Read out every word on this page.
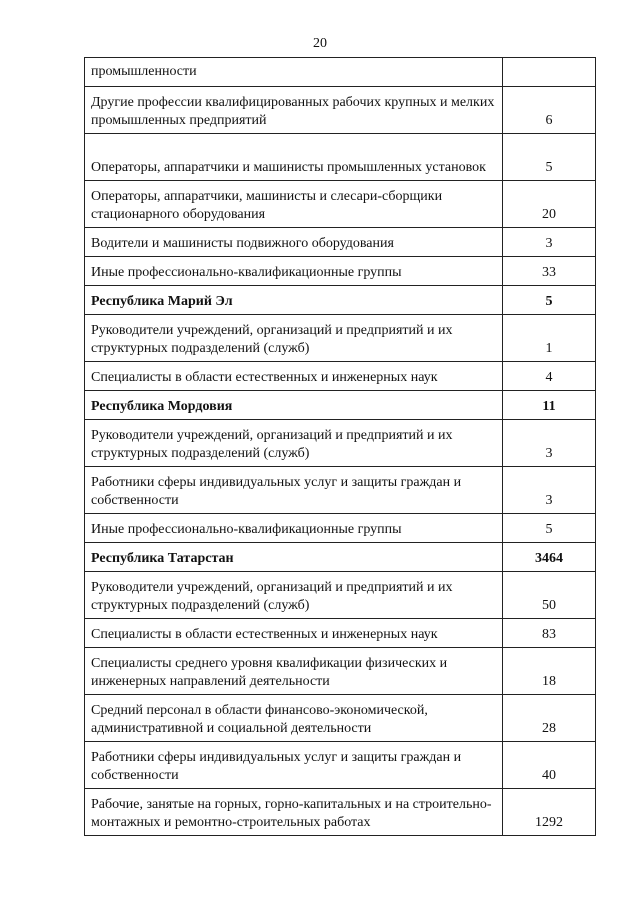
20
промышленности	
Другие профессии квалифицированных рабочих крупных и мелких промышленных предприятий	6
Операторы, аппаратчики и машинисты промышленных установок	5
Операторы, аппаратчики, машинисты и слесари-сборщики стационарного оборудования	20
Водители и машинисты подвижного оборудования	3
Иные профессионально-квалификационные группы	33
Республика Марий Эл	5
Руководители учреждений, организаций и предприятий и их структурных подразделений (служб)	1
Специалисты в области естественных и инженерных наук	4
Республика Мордовия	11
Руководители учреждений, организаций и предприятий и их структурных подразделений (служб)	3
Работники сферы индивидуальных услуг и защиты граждан и собственности	3
Иные профессионально-квалификационные группы	5
Республика Татарстан	3464
Руководители учреждений, организаций и предприятий и их структурных подразделений (служб)	50
Специалисты в области естественных и инженерных наук	83
Специалисты среднего уровня квалификации физических и инженерных направлений деятельности	18
Средний персонал в области финансово-экономической, административной и социальной деятельности	28
Работники сферы индивидуальных услуг и защиты граждан и собственности	40
Рабочие, занятые на горных, горно-капитальных и на строительно-монтажных и ремонтно-строительных работах	1292
